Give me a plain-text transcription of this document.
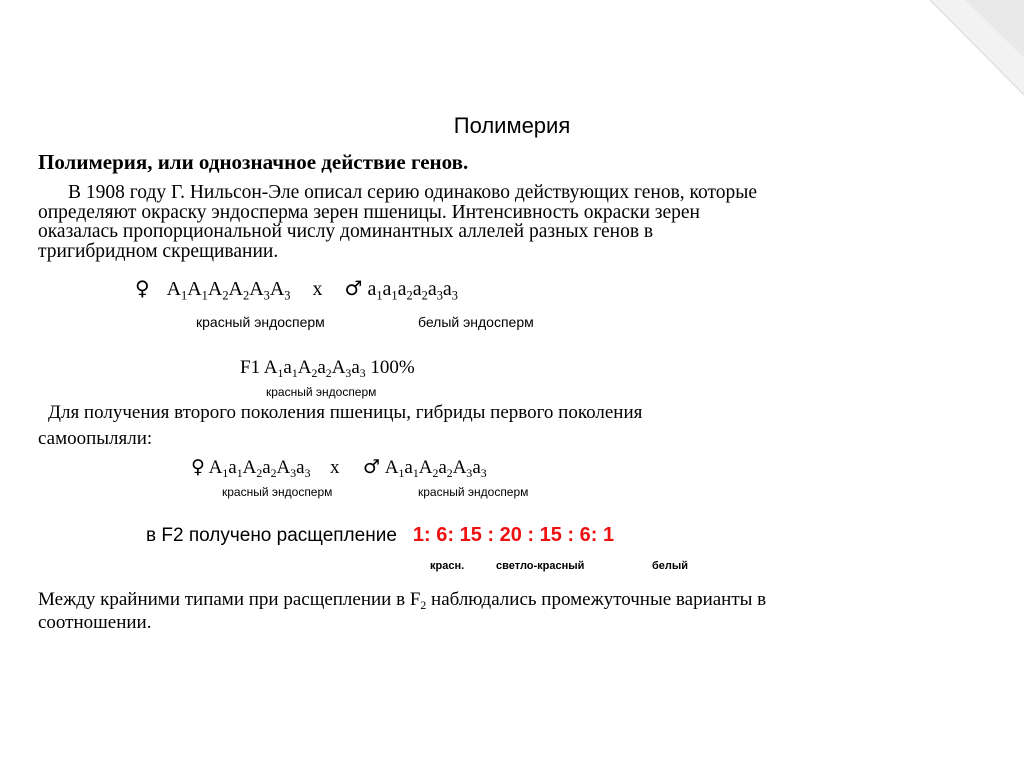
Полимерия
Полимерия, или однозначное действие генов.
В 1908 году Г. Нильсон-Эле описал серию одинаково действующих генов, которые
определяют окраску эндосперма зерен пшеницы. Интенсивность окраски зерен
оказалась пропорциональной числу доминантных аллелей разных генов в
тригибридном скрещивании.
♀ $A_1A_1A_2A_2A_3A_3$ х ♂ $a_1a_1a_2a_2a_3a_3$
красный эндосперм	белый эндосперм
F1 $A_1a_1A_2a_2A_3a_3$ 100%
красный эндосперм
Для получения второго поколения пшеницы, гибриды первого поколения
самоопыляли:
♀ $A_1a_1A_2a_2A_3a_3$ х ♂ $A_1a_1A_2a_2A_3a_3$
красный эндосперм	красный эндосперм
в F2 получено расщепление 1: 6: 15 : 20 : 15 : 6: 1
красн.	светло-красный	белый
Между крайними типами при расщеплении в $F_2$ наблюдались промежуточные варианты в
соотношении.
